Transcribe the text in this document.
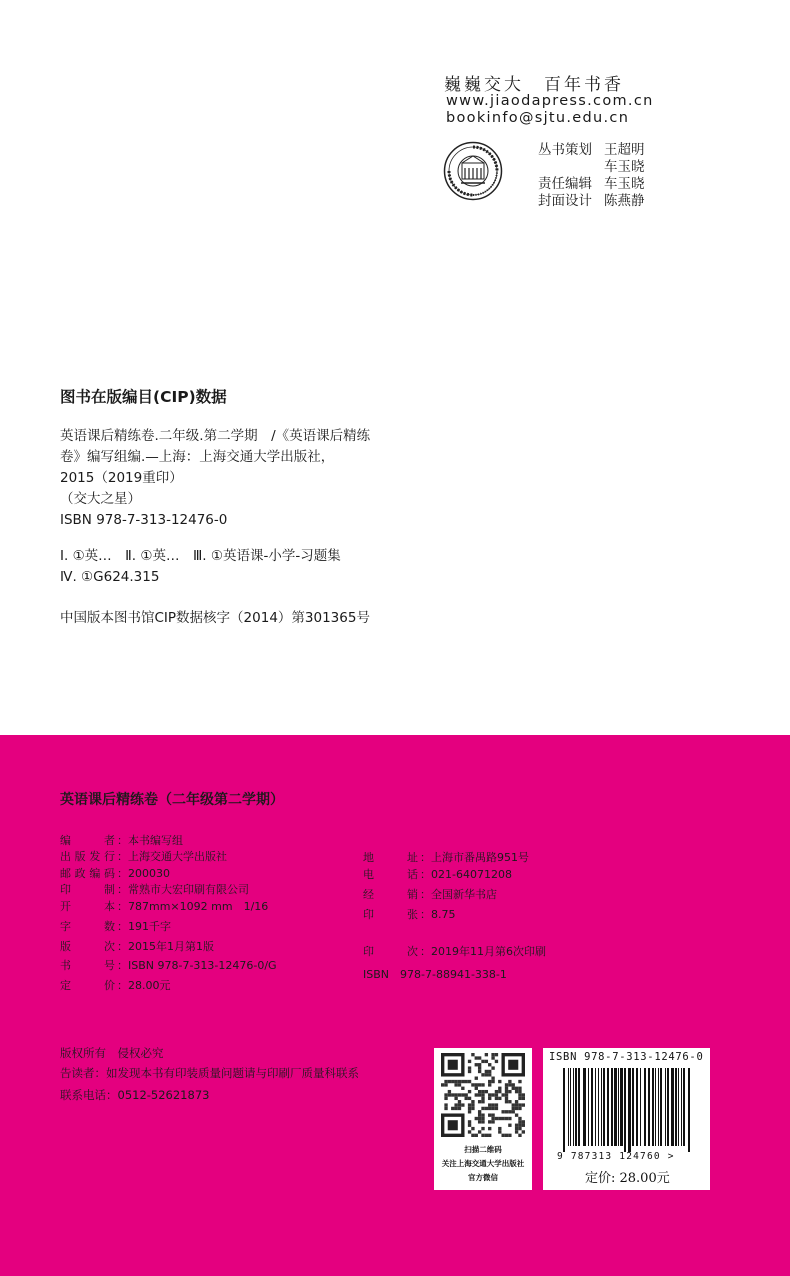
巍巍交大　百年书香
www.jiaodapress.com.cn
bookinfo@sjtu.edu.cn
丛书策划 王超明
车玉晓
责任编辑 车玉晓
封面设计 陈燕静
图书在版编目(CIP)数据
英语课后精练卷.二年级.第二学期　/《英语课后精练
卷》编写组编.—上海：上海交通大学出版社，
2015（2019重印）
（交大之星）
ISBN 978-7-313-12476-0
Ⅰ. ①英…　Ⅱ. ①英…　Ⅲ. ①英语课-小学-习题集
Ⅳ. ①G624.315
中国版本图书馆CIP数据核字（2014）第301365号
英语课后精练卷（二年级第二学期）
编　　者 ：本书编写组
出版发行 ：上海交通大学出版社
邮政编码 ：200030
印　　制 ：常熟市大宏印刷有限公司
开　　本 ：787mm×1092 mm　1/16
字　　数 ：191千字
版　　次 ：2015年1月第1版
书　　号 ：ISBN 978-7-313-12476-0/G
定　　价 ：28.00元
地　　址 ：上海市番禺路951号
电　　话 ：021-64071208
经　　销 ：全国新华书店
印　　张 ：8.75
印　　次 ：2019年11月第6次印刷
ISBN　 978-7-88941-338-1
版权所有　侵权必究
告读者：如发现本书有印装质量问题请与印刷厂质量科联系
联系电话：0512-52621873
扫描二维码
关注上海交通大学出版社
官方微信
ISBN 978-7-313-12476-0
9 787313 124760 >
定价: 28.00元
